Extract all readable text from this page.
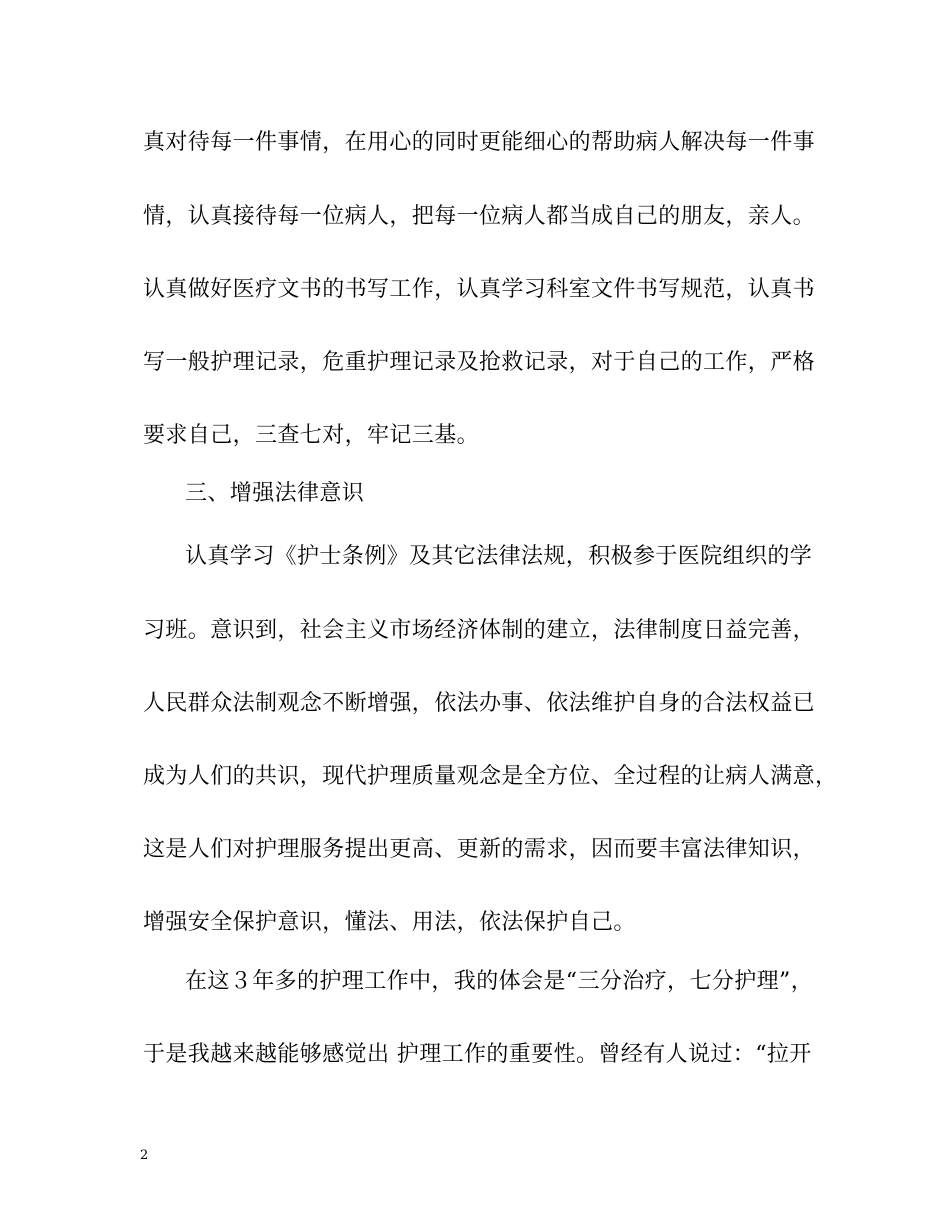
真对待每一件事情，在用心的同时更能细心的帮助病人解决每一件事
情，认真接待每一位病人，把每一位病人都当成自己的朋友，亲人。
认真做好医疗文书的书写工作，认真学习科室文件书写规范，认真书
写一般护理记录，危重护理记录及抢救记录，对于自己的工作，严格
要求自己，三查七对，牢记三基。
三、增强法律意识
认真学习《护士条例》及其它法律法规，积极参于医院组织的学
习班。意识到，社会主义市场经济体制的建立，法律制度日益完善，
人民群众法制观念不断增强，依法办事、依法维护自身的合法权益已
成为人们的共识，现代护理质量观念是全方位、全过程的让病人满意，
这是人们对护理服务提出更高、更新的需求，因而要丰富法律知识，
增强安全保护意识，懂法、用法，依法保护自己。
在这３年多的护理工作中，我的体会是“三分治疗，七分护理”，
于是我越来越能够感觉出 护理工作的重要性。曾经有人说过：“拉开
2
